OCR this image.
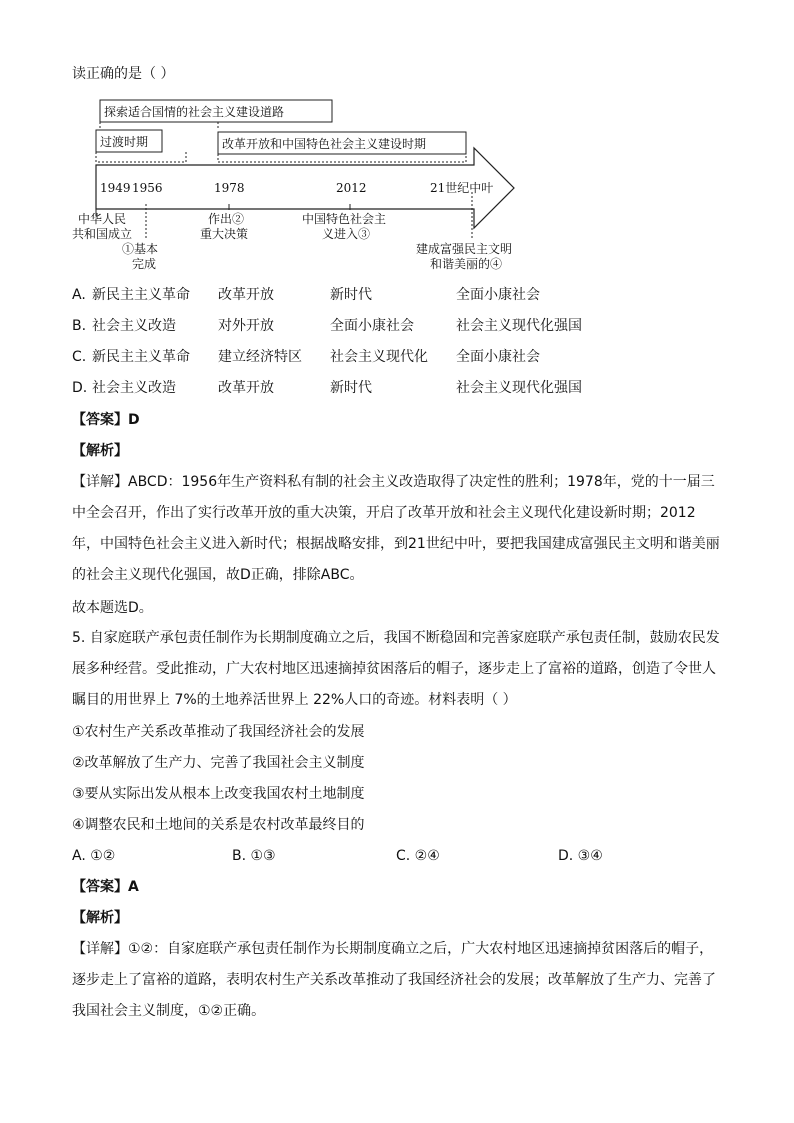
读正确的是（ ）
探索适合国情的社会主义建设道路
过渡时期	改革开放和中国特色社会主义建设时期
1949 1956	1978	2012	21世纪中叶
中华人民
共和国成立
①基本
完成
作出②
重大决策
中国特色社会主
义进入③
建成富强民主文明
和谐美丽的④
A. 新民主主义革命 改革开放	新时代	全面小康社会
B. 社会主义改造	对外开放	全面小康社会	社会主义现代化强国
C. 新民主主义革命 建立经济特区 社会主义现代化 全面小康社会
D. 社会主义改造	改革开放	新时代	社会主义现代化强国
【答案】D
【解析】
【详解】ABCD：1956年生产资料私有制的社会主义改造取得了决定性的胜利；1978年，党的十一届三中全会召开，作出了实行改革开放的重大决策，开启了改革开放和社会主义现代化建设新时期；2012年，中国特色社会主义进入新时代；根据战略安排，到21世纪中叶，要把我国建成富强民主文明和谐美丽的社会主义现代化强国，故D正确，排除ABC。
故本题选D。
5. 自家庭联产承包责任制作为长期制度确立之后，我国不断稳固和完善家庭联产承包责任制，鼓励农民发展多种经营。受此推动，广大农村地区迅速摘掉贫困落后的帽子，逐步走上了富裕的道路，创造了令世人瞩目的用世界上 7%的土地养活世界上 22%人口的奇迹。材料表明（ ）
①农村生产关系改革推动了我国经济社会的发展
②改革解放了生产力、完善了我国社会主义制度
③要从实际出发从根本上改变我国农村土地制度
④调整农民和土地间的关系是农村改革最终目的
A. ①②	B. ①③	C. ②④	D. ③④
【答案】A
【解析】
【详解】①②：自家庭联产承包责任制作为长期制度确立之后，广大农村地区迅速摘掉贫困落后的帽子，逐步走上了富裕的道路，表明农村生产关系改革推动了我国经济社会的发展；改革解放了生产力、完善了我国社会主义制度，①②正确。
